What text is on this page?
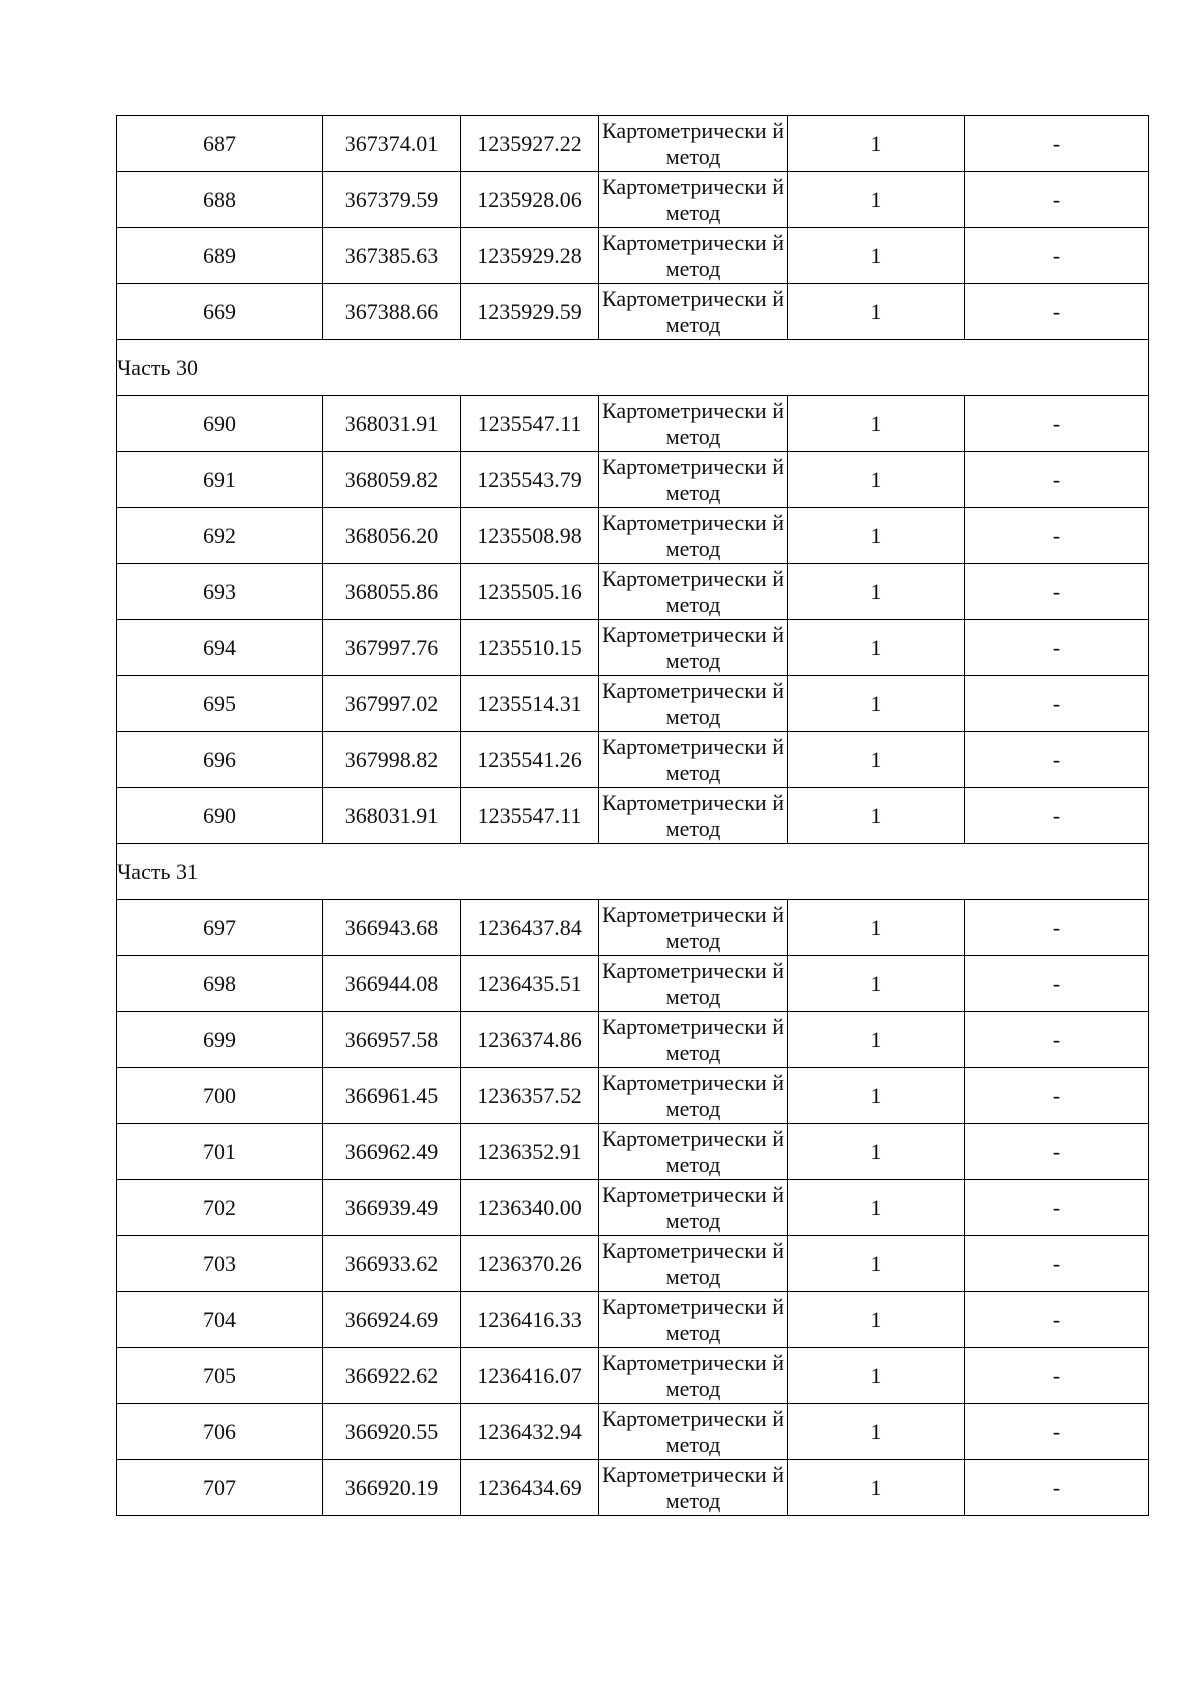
687	367374.01	1235927.22	Картометрически й метод	1	-
688	367379.59	1235928.06	Картометрически й метод	1	-
689	367385.63	1235929.28	Картометрически й метод	1	-
669	367388.66	1235929.59	Картометрически й метод	1	-
Часть 30					
690	368031.91	1235547.11	Картометрически й метод	1	-
691	368059.82	1235543.79	Картометрически й метод	1	-
692	368056.20	1235508.98	Картометрически й метод	1	-
693	368055.86	1235505.16	Картометрически й метод	1	-
694	367997.76	1235510.15	Картометрически й метод	1	-
695	367997.02	1235514.31	Картометрически й метод	1	-
696	367998.82	1235541.26	Картометрически й метод	1	-
690	368031.91	1235547.11	Картометрически й метод	1	-
Часть 31					
697	366943.68	1236437.84	Картометрически й метод	1	-
698	366944.08	1236435.51	Картометрически й метод	1	-
699	366957.58	1236374.86	Картометрически й метод	1	-
700	366961.45	1236357.52	Картометрически й метод	1	-
701	366962.49	1236352.91	Картометрически й метод	1	-
702	366939.49	1236340.00	Картометрически й метод	1	-
703	366933.62	1236370.26	Картометрически й метод	1	-
704	366924.69	1236416.33	Картометрически й метод	1	-
705	366922.62	1236416.07	Картометрически й метод	1	-
706	366920.55	1236432.94	Картометрически й метод	1	-
707	366920.19	1236434.69	Картометрически й метод	1	-
